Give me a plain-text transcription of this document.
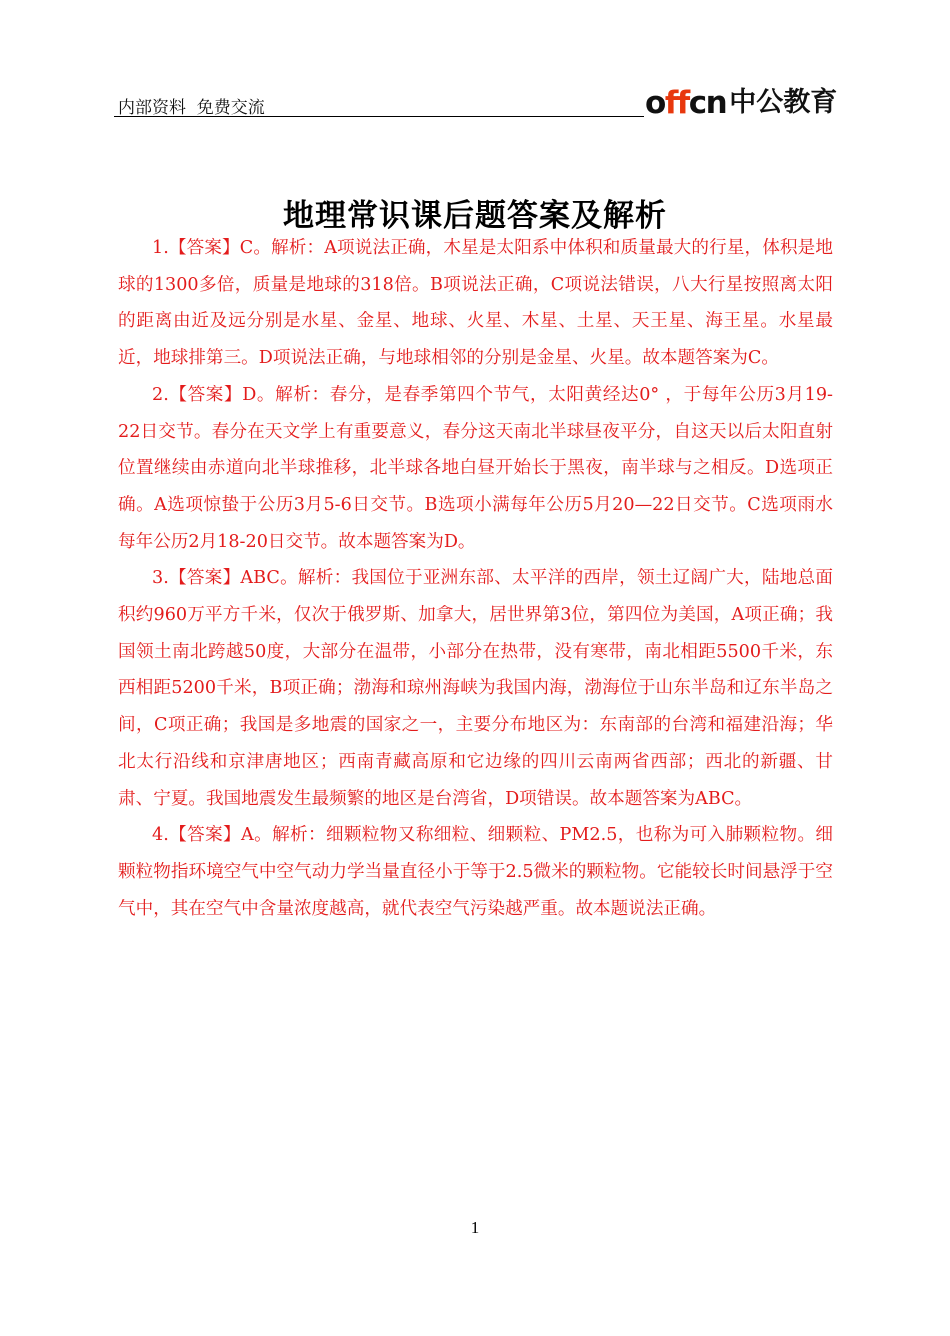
内部资料  免费交流	offcn 中公教育
地理常识课后题答案及解析

1.【答案】C。解析：A项说法正确，木星是太阳系中体积和质量最大的行星，体积是地球的1300多倍，质量是地球的318倍。B项说法正确，C项说法错误，八大行星按照离太阳的距离由近及远分别是水星、金星、地球、火星、木星、土星、天王星、海王星。水星最近，地球排第三。D项说法正确，与地球相邻的分别是金星、火星。故本题答案为C。

2.【答案】D。解析：春分，是春季第四个节气，太阳黄经达0° ，于每年公历3月19-22日交节。春分在天文学上有重要意义，春分这天南北半球昼夜平分，自这天以后太阳直射位置继续由赤道向北半球推移，北半球各地白昼开始长于黑夜，南半球与之相反。D选项正确。A选项惊蛰于公历3月5-6日交节。B选项小满每年公历5月20—22日交节。C选项雨水每年公历2月18-20日交节。故本题答案为D。

3.【答案】ABC。解析：我国位于亚洲东部、太平洋的西岸，领土辽阔广大，陆地总面积约960万平方千米，仅次于俄罗斯、加拿大，居世界第3位，第四位为美国，A项正确；我国领土南北跨越50度，大部分在温带，小部分在热带，没有寒带，南北相距5500千米，东西相距5200千米，B项正确；渤海和琼州海峡为我国内海，渤海位于山东半岛和辽东半岛之间，C项正确；我国是多地震的国家之一，主要分布地区为：东南部的台湾和福建沿海；华北太行沿线和京津唐地区；西南青藏高原和它边缘的四川云南两省西部；西北的新疆、甘肃、宁夏。我国地震发生最频繁的地区是台湾省，D项错误。故本题答案为ABC。

4.【答案】A。解析：细颗粒物又称细粒、细颗粒、PM2.5，也称为可入肺颗粒物。细颗粒物指环境空气中空气动力学当量直径小于等于2.5微米的颗粒物。它能较长时间悬浮于空气中，其在空气中含量浓度越高，就代表空气污染越严重。故本题说法正确。

1
